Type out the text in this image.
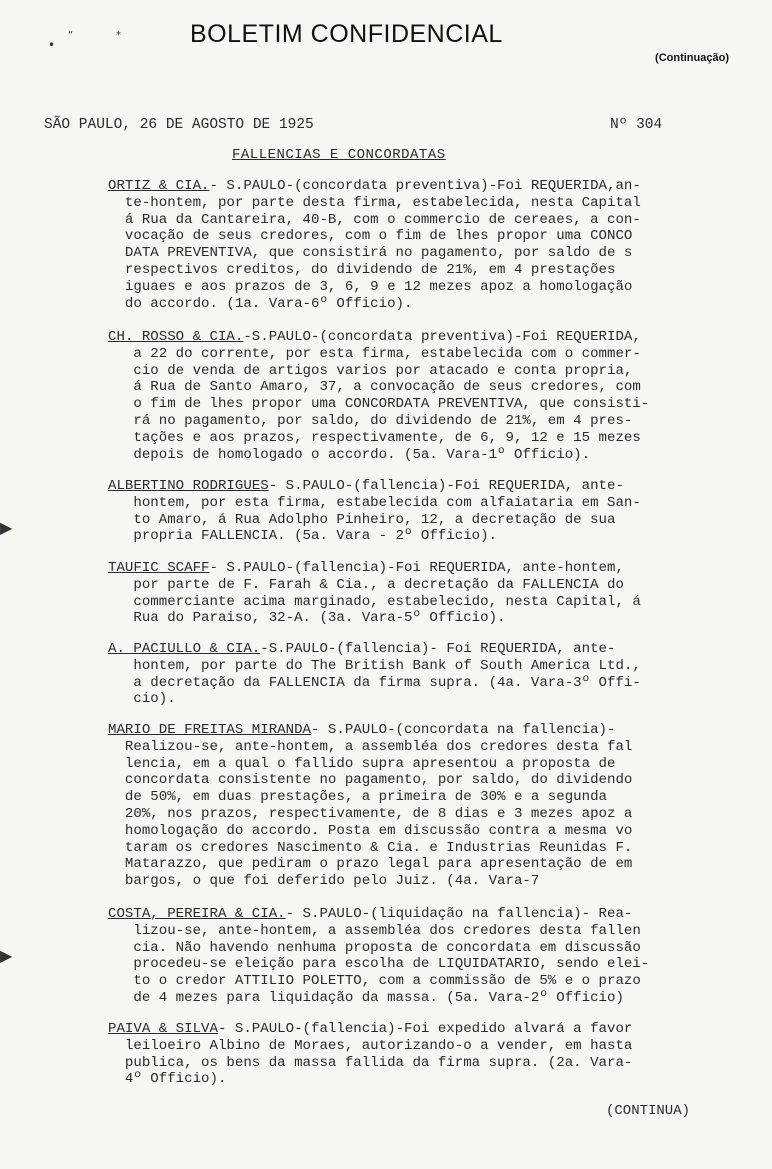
•
“	*
▶
▶
BOLETIM CONFIDENCIAL
(Continuação)
SÃO PAULO, 26 DE AGOSTO DE 1925	Nº 304
FALLENCIAS E CONCORDATAS
ORTIZ & CIA.- S.PAULO-(concordata preventiva)-Foi REQUERIDA,an-
te-hontem, por parte desta firma, estabelecida, nesta Capital
á Rua da Cantareira, 40-B, com o commercio de cereaes, a con-
vocação de seus credores, com o fim de lhes propor uma CONCO
DATA PREVENTIVA, que consistirá no pagamento, por saldo de s
respectivos creditos, do dividendo de 21%, em 4 prestações
iguaes e aos prazos de 3, 6, 9 e 12 mezes apoz a homologação
do accordo. (1a. Vara-6º Officio).
CH. ROSSO & CIA.-S.PAULO-(concordata preventiva)-Foi REQUERIDA,
a 22 do corrente, por esta firma, estabelecida com o commer-
cio de venda de artigos varios por atacado e conta propria,
á Rua de Santo Amaro, 37, a convocação de seus credores, com
o fim de lhes propor uma CONCORDATA PREVENTIVA, que consisti-
rá no pagamento, por saldo, do dividendo de 21%, em 4 pres-
tações e aos prazos, respectivamente, de 6, 9, 12 e 15 mezes
depois de homologado o accordo. (5a. Vara-1º Officio).
ALBERTINO RODRIGUES- S.PAULO-(fallencia)-Foi REQUERIDA, ante-
hontem, por esta firma, estabelecida com alfaiataria em San-
to Amaro, á Rua Adolpho Pinheiro, 12, a decretação de sua
propria FALLENCIA. (5a. Vara - 2º Officio).
TAUFIC SCAFF- S.PAULO-(fallencia)-Foi REQUERIDA, ante-hontem,
por parte de F. Farah & Cia., a decretação da FALLENCIA do
commerciante acima marginado, estabelecido, nesta Capital, á
Rua do Paraiso, 32-A. (3a. Vara-5º Officio).
A. PACIULLO & CIA.-S.PAULO-(fallencia)- Foi REQUERIDA, ante-
hontem, por parte do The British Bank of South America Ltd.,
a decretação da FALLENCIA da firma supra. (4a. Vara-3º Offi-
cio).
MARIO DE FREITAS MIRANDA- S.PAULO-(concordata na fallencia)-
Realizou-se, ante-hontem, a assembléa dos credores desta fal
lencia, em a qual o fallido supra apresentou a proposta de
concordata consistente no pagamento, por saldo, do dividendo
de 50%, em duas prestações, a primeira de 30% e a segunda
20%, nos prazos, respectivamente, de 8 dias e 3 mezes apoz a
homologação do accordo. Posta em discussão contra a mesma vo
taram os credores Nascimento & Cia. e Industrias Reunidas F.
Matarazzo, que pediram o prazo legal para apresentação de em
bargos, o que foi deferido pelo Juiz. (4a. Vara-7
COSTA, PEREIRA & CIA.- S.PAULO-(liquidação na fallencia)- Rea-
lizou-se, ante-hontem, a assembléa dos credores desta fallen
cia. Não havendo nenhuma proposta de concordata em discussão
procedeu-se eleição para escolha de LIQUIDATARIO, sendo elei-
to o credor ATTILIO POLETTO, com a commissão de 5% e o prazo
de 4 mezes para liquidação da massa. (5a. Vara-2º Officio)
PAIVA & SILVA- S.PAULO-(fallencia)-Foi expedido alvará a favor
leiloeiro Albino de Moraes, autorizando-o a vender, em hasta
publica, os bens da massa fallida da firma supra. (2a. Vara-
4º Officio).
(CONTINUA)
